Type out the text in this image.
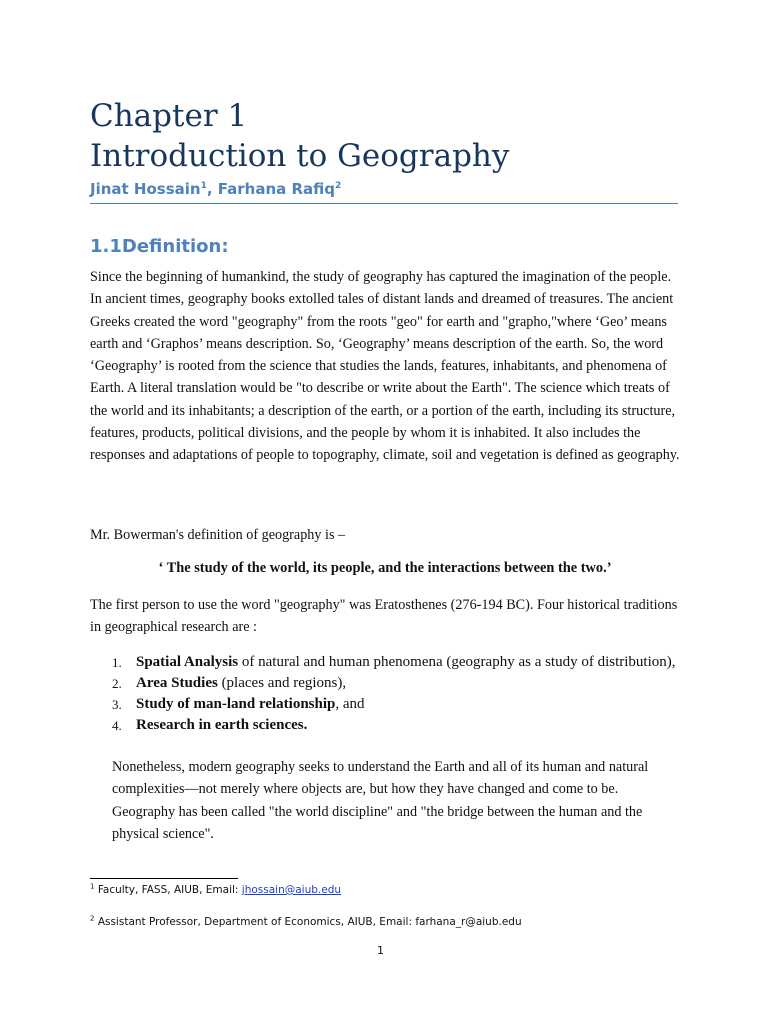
Chapter 1
Introduction to Geography
Jinat Hossain$^1$, Farhana Rafiq$^2$
1.1Definition:

Since the beginning of humankind, the study of geography has captured the imagination of the people. In ancient times, geography books extolled tales of distant lands and dreamed of treasures. The ancient Greeks created the word "geography" from the roots "geo" for earth and "grapho,"where ‘Geo’ means earth and ‘Graphos’ means description. So, ‘Geography’ means description of the earth. So, the word ‘Geography’ is rooted from the science that studies the lands, features, inhabitants, and phenomena of Earth. A literal translation would be "to describe or write about the Earth". The science which treats of the world and its inhabitants; a description of the earth, or a portion of the earth, including its structure, features, products, political divisions, and the people by whom it is inhabited. It also includes the responses and adaptations of people to topography, climate, soil and vegetation is defined as geography.

Mr. Bowerman's definition of geography is –

‘ The study of the world, its people, and the interactions between the two.’

The first person to use the word "geography" was Eratosthenes (276-194 BC). Four historical traditions in geographical research are :

1. Spatial Analysis of natural and human phenomena (geography as a study of distribution),
2. Area Studies (places and regions),
3. Study of man-land relationship, and
4. Research in earth sciences.

Nonetheless, modern geography seeks to understand the Earth and all of its human and natural complexities—not merely where objects are, but how they have changed and come to be. Geography has been called "the world discipline" and "the bridge between the human and the physical science".

$^1$ Faculty, FASS, AIUB, Email: jhossain@aiub.edu
$^2$ Assistant Professor, Department of Economics, AIUB, Email: farhana_r@aiub.edu
1
